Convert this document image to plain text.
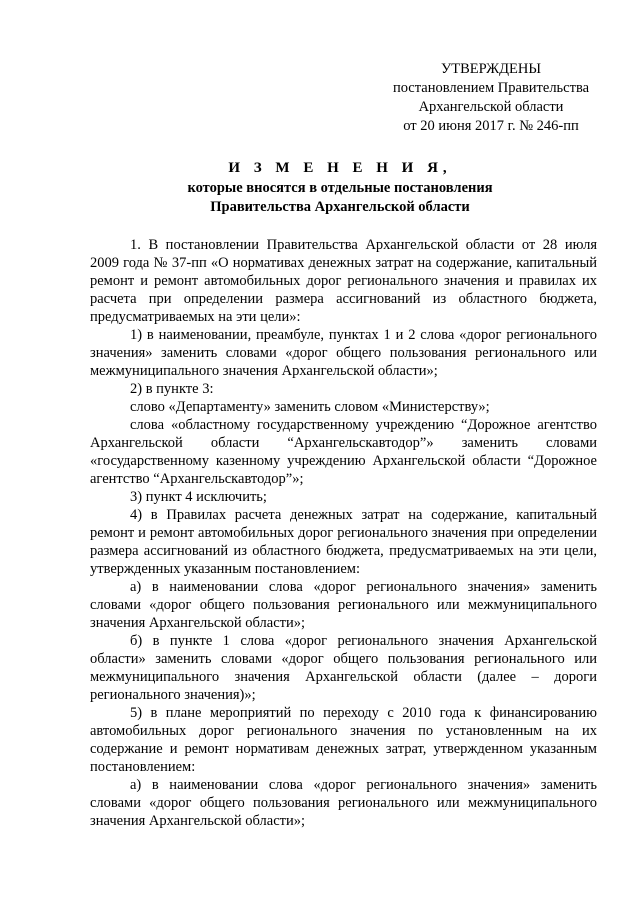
УТВЕРЖДЕНЫ
постановлением Правительства
Архангельской области
от 20 июня 2017 г. № 246-пп
И З М Е Н Е Н И Я,
которые вносятся в отдельные постановления
Правительства Архангельской области

1. В постановлении Правительства Архангельской области от 28 июля 2009 года № 37-пп «О нормативах денежных затрат на содержание, капитальный ремонт и ремонт автомобильных дорог регионального значения и правилах их расчета при определении размера ассигнований из областного бюджета, предусматриваемых на эти цели»:

1) в наименовании, преамбуле, пунктах 1 и 2 слова «дорог регионального значения» заменить словами «дорог общего пользования регионального или межмуниципального значения Архангельской области»;

2) в пункте 3:

слово «Департаменту» заменить словом «Министерству»;

слова «областному государственному учреждению “Дорожное агентство Архангельской области “Архангельскавтодор”» заменить словами «государственному казенному учреждению Архангельской области “Дорожное агентство “Архангельскавтодор”»;

3) пункт 4 исключить;

4) в Правилах расчета денежных затрат на содержание, капитальный ремонт и ремонт автомобильных дорог регионального значения при определении размера ассигнований из областного бюджета, предусматриваемых на эти цели, утвержденных указанным постановлением:

а) в наименовании слова «дорог регионального значения» заменить словами «дорог общего пользования регионального или межмуниципального значения Архангельской области»;

б) в пункте 1 слова «дорог регионального значения Архангельской области» заменить словами «дорог общего пользования регионального или межмуниципального значения Архангельской области (далее – дороги регионального значения)»;

5) в плане мероприятий по переходу с 2010 года к финансированию автомобильных дорог регионального значения по установленным на их содержание и ремонт нормативам денежных затрат, утвержденном указанным постановлением:

а) в наименовании слова «дорог регионального значения» заменить словами «дорог общего пользования регионального или межмуниципального значения Архангельской области»;
